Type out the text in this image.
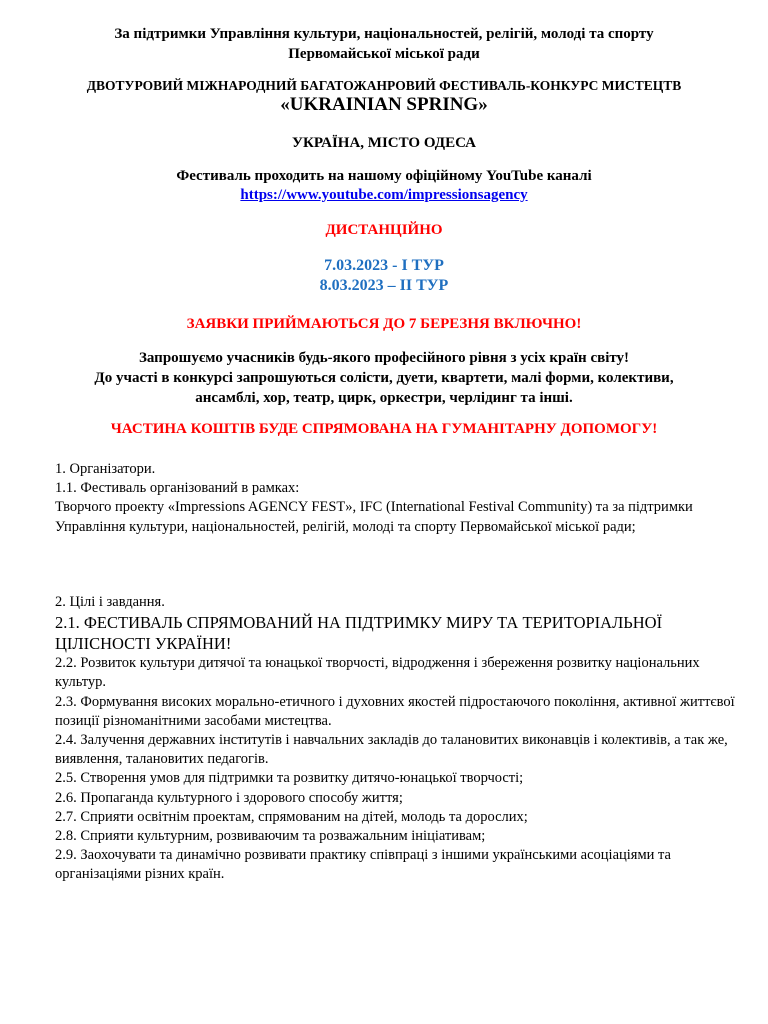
За підтримки Управління культури, національностей, релігій, молоді та спорту
Первомайської міської ради
ДВОТУРОВИЙ МІЖНАРОДНИЙ БАГАТОЖАНРОВИЙ ФЕСТИВАЛЬ-КОНКУРС МИСТЕЦТВ
«UKRAINIAN SPRING»
УКРАЇНА, МІСТО ОДЕСА
Фестиваль проходить на нашому офіційному YouTube каналі
https://www.youtube.com/impressionsagency
ДИСТАНЦІЙНО
7.03.2023 - І ТУР
8.03.2023 – ІІ ТУР
ЗАЯВКИ ПРИЙМАЮТЬСЯ ДО 7 БЕРЕЗНЯ ВКЛЮЧНО!
Запрошуємо учасників будь-якого професійного рівня з усіх країн світу!
До участі в конкурсі запрошуються солісти, дуети, квартети, малі форми, колективи,
ансамблі, хор, театр, цирк, оркестри, черлідинг та інші.
ЧАСТИНА КОШТІВ БУДЕ СПРЯМОВАНА НА ГУМАНІТАРНУ ДОПОМОГУ!

1. Організатори.

1.1. Фестиваль організований в рамках:

Творчого проекту «Impressions AGENCY FEST», IFC (International Festival Community) та за підтримки Управління культури, національностей, релігій, молоді та спорту Первомайської міської ради;

2. Цілі і завдання.

2.1. ФЕСТИВАЛЬ СПРЯМОВАНИЙ НА ПІДТРИМКУ МИРУ ТА ТЕРИТОРІАЛЬНОЇ ЦІЛІСНОСТІ УКРАЇНИ!

2.2. Розвиток культури дитячої та юнацької творчості, відродження і збереження розвитку національних культур.

2.3. Формування високих морально-етичного і духовних якостей підростаючого покоління, активної життєвої позиції різноманітними засобами мистецтва.

2.4. Залучення державних інститутів і навчальних закладів до талановитих виконавців і колективів, а так же, виявлення, талановитих педагогів.

2.5. Створення умов для підтримки та розвитку дитячо-юнацької творчості;

2.6. Пропаганда культурного і здорового способу життя;

2.7. Сприяти освітнім проектам, спрямованим на дітей, молодь та дорослих;

2.8. Сприяти культурним, розвиваючим та розважальним ініціативам;

2.9. Заохочувати та динамічно розвивати практику співпраці з іншими українськими асоціаціями та організаціями різних країн.
